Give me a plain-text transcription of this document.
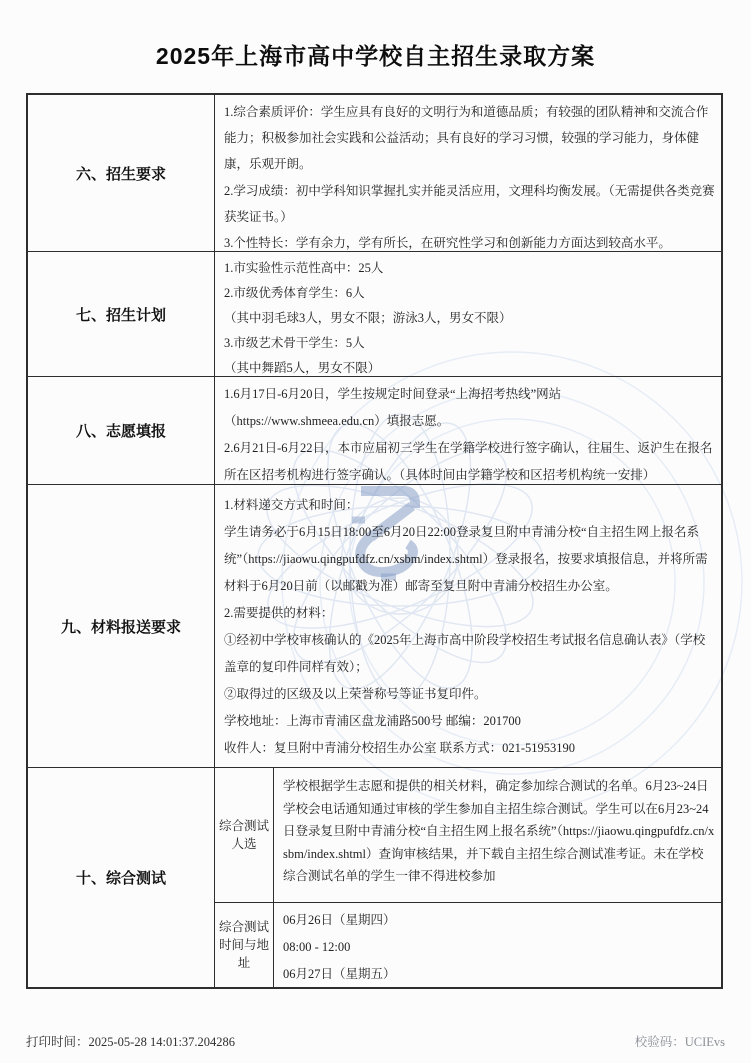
2025年上海市高中学校自主招生录取方案
六、招生要求

1.综合素质评价：学生应具有良好的文明行为和道德品质；有较强的团队精神和交流合作能力；积极参加社会实践和公益活动；具有良好的学习习惯，较强的学习能力，身体健康，乐观开朗。

2.学习成绩：初中学科知识掌握扎实并能灵活应用，文理科均衡发展。（无需提供各类竞赛获奖证书。）

3.个性特长：学有余力，学有所长，在研究性学习和创新能力方面达到较高水平。

七、招生计划

1.市实验性示范性高中：25人

2.市级优秀体育学生：6人

（其中羽毛球3人，男女不限；游泳3人，男女不限）

3.市级艺术骨干学生：5人

（其中舞蹈5人，男女不限）

八、志愿填报

1.6月17日-6月20日，学生按规定时间登录“上海招考热线”网站

（https://www.shmeea.edu.cn）填报志愿。

2.6月21日-6月22日，本市应届初三学生在学籍学校进行签字确认，往届生、返沪生在报名所在区招考机构进行签字确认。（具体时间由学籍学校和区招考机构统一安排）

九、材料报送要求

1.材料递交方式和时间：

学生请务必于6月15日18:00至6月20日22:00登录复旦附中青浦分校“自主招生网上报名系统”（https://jiaowu.qingpufdfz.cn/xsbm/index.shtml）登录报名，按要求填报信息，并将所需材料于6月20日前（以邮戳为准）邮寄至复旦附中青浦分校招生办公室。

2.需要提供的材料：

①经初中学校审核确认的《2025年上海市高中阶段学校招生考试报名信息确认表》（学校盖章的复印件同样有效）；

②取得过的区级及以上荣誉称号等证书复印件。

学校地址：上海市青浦区盘龙浦路500号 邮编：201700

收件人：复旦附中青浦分校招生办公室 联系方式：021-51953190

十、综合测试
综合测试人选

学校根据学生志愿和提供的相关材料，确定参加综合测试的名单。6月23~24日学校会电话通知通过审核的学生参加自主招生综合测试。学生可以在6月23~24日登录复旦附中青浦分校“自主招生网上报名系统”（https://jiaowu.qingpufdfz.cn/xsbm/index.shtml）查询审核结果，并下载自主招生综合测试准考证。未在学校综合测试名单的学生一律不得进校参加

综合测试时间与地址

06月26日（星期四）

08:00 - 12:00

06月27日（星期五）

打印时间：2025-05-28 14:01:37.204286	校验码：UCIEvs
